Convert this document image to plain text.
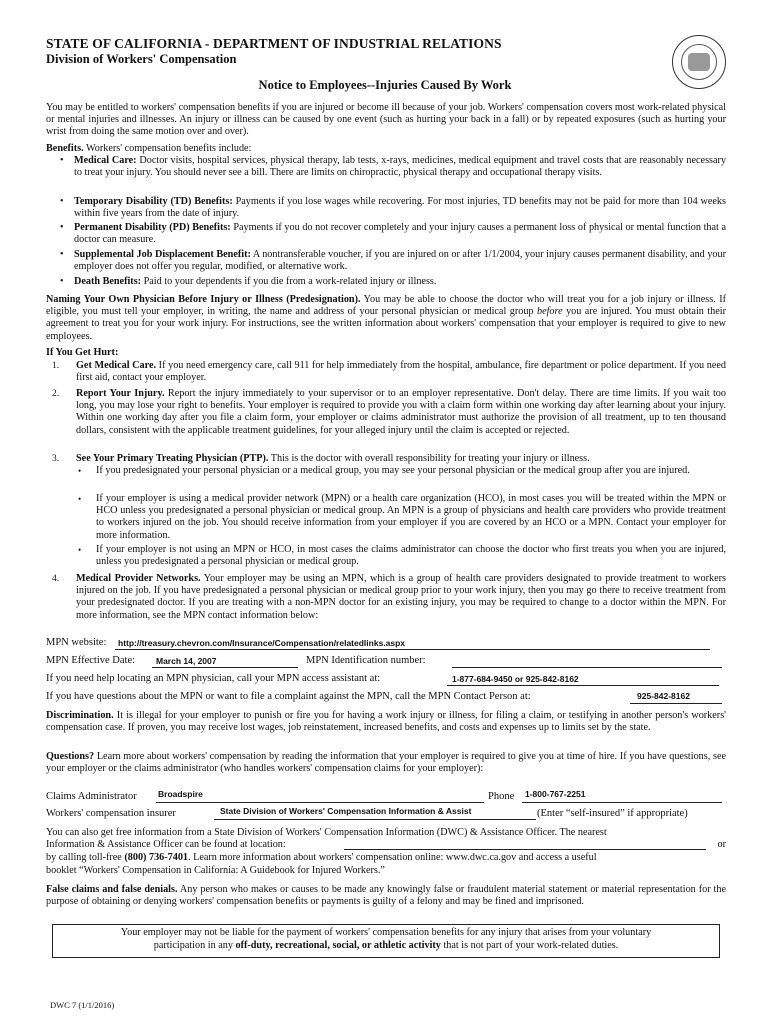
STATE OF CALIFORNIA - DEPARTMENT OF INDUSTRIAL RELATIONS
Division of Workers' Compensation
Notice to Employees--Injuries Caused By Work
You may be entitled to workers' compensation benefits if you are injured or become ill because of your job. Workers' compensation covers most work-related physical or mental injuries and illnesses. An injury or illness can be caused by one event (such as hurting your back in a fall) or by repeated exposures (such as hurting your wrist from doing the same motion over and over).
Benefits. Workers' compensation benefits include:
•	Medical Care: Doctor visits, hospital services, physical therapy, lab tests, x-rays, medicines, medical equipment and travel costs that are reasonably necessary to treat your injury. You should never see a bill. There are limits on chiropractic, physical therapy and occupational therapy visits.
•	Temporary Disability (TD) Benefits: Payments if you lose wages while recovering. For most injuries, TD benefits may not be paid for more than 104 weeks within five years from the date of injury.
•	Permanent Disability (PD) Benefits: Payments if you do not recover completely and your injury causes a permanent loss of physical or mental function that a doctor can measure.
•	Supplemental Job Displacement Benefit: A nontransferable voucher, if you are injured on or after 1/1/2004, your injury causes permanent disability, and your employer does not offer you regular, modified, or alternative work.
•	Death Benefits: Paid to your dependents if you die from a work-related injury or illness.
Naming Your Own Physician Before Injury or Illness (Predesignation). You may be able to choose the doctor who will treat you for a job injury or illness. If eligible, you must tell your employer, in writing, the name and address of your personal physician or medical group before you are injured. You must obtain their agreement to treat you for your work injury. For instructions, see the written information about workers' compensation that your employer is required to give to new employees.
If You Get Hurt:
1. Get Medical Care. If you need emergency care, call 911 for help immediately from the hospital, ambulance, fire department or police department. If you need first aid, contact your employer.
2. Report Your Injury. Report the injury immediately to your supervisor or to an employer representative. Don't delay. There are time limits. If you wait too long, you may lose your right to benefits. Your employer is required to provide you with a claim form within one working day after learning about your injury. Within one working day after you file a claim form, your employer or claims administrator must authorize the provision of all treatment, up to ten thousand dollars, consistent with the applicable treatment guidelines, for your alleged injury until the claim is accepted or rejected.
3. See Your Primary Treating Physician (PTP). This is the doctor with overall responsibility for treating your injury or illness.
• If you predesignated your personal physician or a medical group, you may see your personal physician or the medical group after you are injured.
• If your employer is using a medical provider network (MPN) or a health care organization (HCO), in most cases you will be treated within the MPN or HCO unless you predesignated a personal physician or medical group. An MPN is a group of physicians and health care providers who provide treatment to workers injured on the job. You should receive information from your employer if you are covered by an HCO or a MPN. Contact your employer for more information.
• If your employer is not using an MPN or HCO, in most cases the claims administrator can choose the doctor who first treats you when you are injured, unless you predesignated a personal physician or medical group.
4. Medical Provider Networks. Your employer may be using an MPN, which is a group of health care providers designated to provide treatment to workers injured on the job. If you have predesignated a personal physician or medical group prior to your work injury, then you may go there to receive treatment from your predesignated doctor. If you are treating with a non-MPN doctor for an existing injury, you may be required to change to a doctor within the MPN. For more information, see the MPN contact information below:
MPN website: http://treasury.chevron.com/Insurance/Compensation/relatedlinks.aspx
MPN Effective Date: March 14, 2007	MPN Identification number:
If you need help locating an MPN physician, call your MPN access assistant at:	1-877-684-9450 or 925-842-8162
If you have questions about the MPN or want to file a complaint against the MPN, call the MPN Contact Person at:	925-842-8162
Discrimination. It is illegal for your employer to punish or fire you for having a work injury or illness, for filing a claim, or testifying in another person's workers' compensation case. If proven, you may receive lost wages, job reinstatement, increased benefits, and costs and expenses up to limits set by the state.
Questions? Learn more about workers' compensation by reading the information that your employer is required to give you at time of hire. If you have questions, see your employer or the claims administrator (who handles workers' compensation claims for your employer):
Claims Administrator	Broadspire	Phone 1-800-767-2251
Workers' compensation insurer	State Division of Workers' Compensation Information & Assist	(Enter “self-insured” if appropriate)
You can also get free information from a State Division of Workers' Compensation Information (DWC) & Assistance Officer. The nearest
Information & Assistance Officer can be found at location:	or
by calling toll-free (800) 736-7401. Learn more information about workers' compensation online: www.dwc.ca.gov and access a useful
booklet “Workers' Compensation in California: A Guidebook for Injured Workers.”
False claims and false denials. Any person who makes or causes to be made any knowingly false or fraudulent material statement or material representation for the purpose of obtaining or denying workers' compensation benefits or payments is guilty of a felony and may be fined and imprisoned.
Your employer may not be liable for the payment of workers' compensation benefits for any injury that arises from your voluntary
participation in any off-duty, recreational, social, or athletic activity that is not part of your work-related duties.
DWC 7 (1/1/2016)
